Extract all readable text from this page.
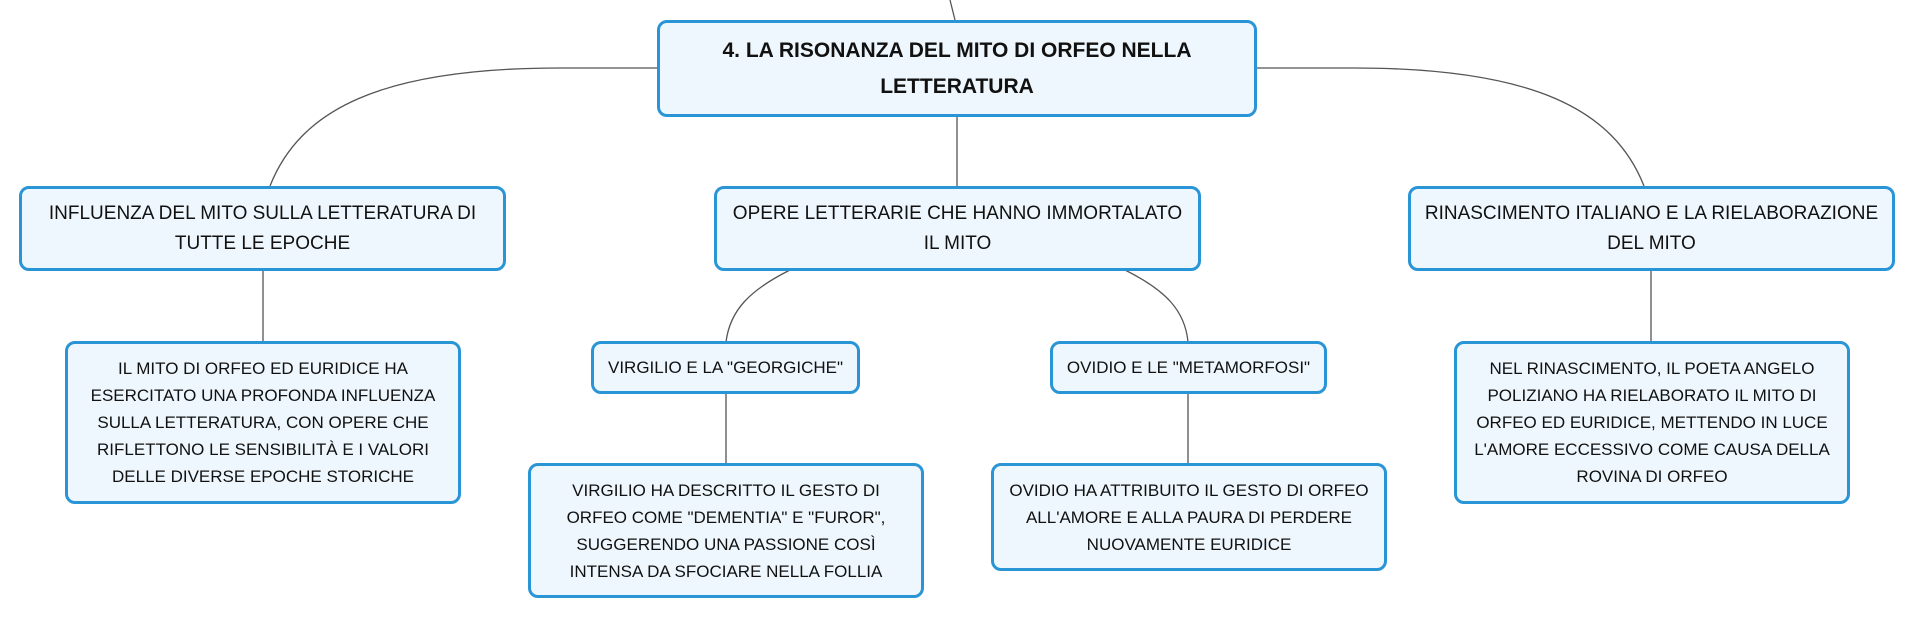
4. LA RISONANZA DEL MITO DI ORFEO NELLA LETTERATURA
INFLUENZA DEL MITO SULLA LETTERATURA DI TUTTE LE EPOCHE
OPERE LETTERARIE CHE HANNO IMMORTALATO IL MITO
RINASCIMENTO ITALIANO E LA RIELABORAZIONE DEL MITO
IL MITO DI ORFEO ED EURIDICE HA ESERCITATO UNA PROFONDA INFLUENZA SULLA LETTERATURA, CON OPERE CHE RIFLETTONO LE SENSIBILITÀ E I VALORI DELLE DIVERSE EPOCHE STORICHE
VIRGILIO E LA "GEORGICHE"	OVIDIO E LE "METAMORFOSI"	NEL RINASCIMENTO, IL POETA ANGELO POLIZIANO HA RIELABORATO IL MITO DI ORFEO ED EURIDICE, METTENDO IN LUCE L'AMORE ECCESSIVO COME CAUSA DELLA ROVINA DI ORFEO
VIRGILIO HA DESCRITTO IL GESTO DI ORFEO COME "DEMENTIA" E "FUROR", SUGGERENDO UNA PASSIONE COSÌ INTENSA DA SFOCIARE NELLA FOLLIA
OVIDIO HA ATTRIBUITO IL GESTO DI ORFEO ALL'AMORE E ALLA PAURA DI PERDERE NUOVAMENTE EURIDICE
